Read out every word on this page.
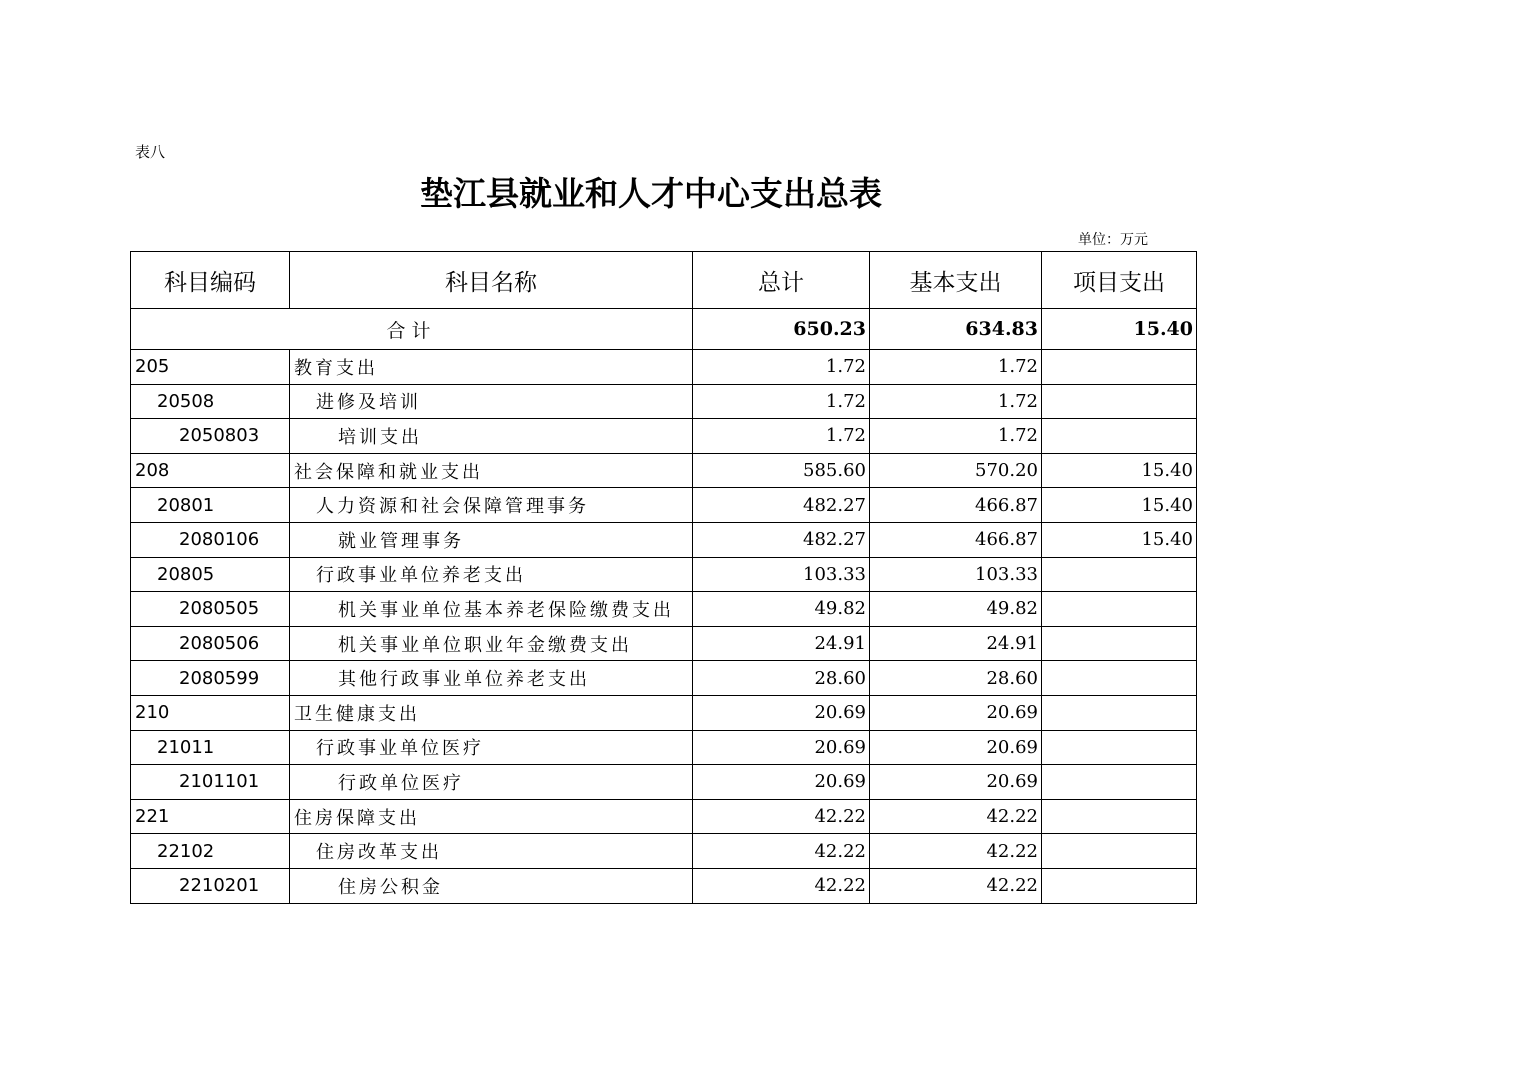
表八
垫江县就业和人才中心支出总表
单位：万元
科目编码	科目名称	总计	基本支出	项目支出
合计		650.23	634.83	15.40
205	教育支出	1.72	1.72	
20508	进修及培训	1.72	1.72	
2050803	培训支出	1.72	1.72	
208	社会保障和就业支出	585.60	570.20	15.40
20801	人力资源和社会保障管理事务	482.27	466.87	15.40
2080106	就业管理事务	482.27	466.87	15.40
20805	行政事业单位养老支出	103.33	103.33	
2080505	机关事业单位基本养老保险缴费支出	49.82	49.82	
2080506	机关事业单位职业年金缴费支出	24.91	24.91	
2080599	其他行政事业单位养老支出	28.60	28.60	
210	卫生健康支出	20.69	20.69	
21011	行政事业单位医疗	20.69	20.69	
2101101	行政单位医疗	20.69	20.69	
221	住房保障支出	42.22	42.22	
22102	住房改革支出	42.22	42.22	
2210201	住房公积金	42.22	42.22	
